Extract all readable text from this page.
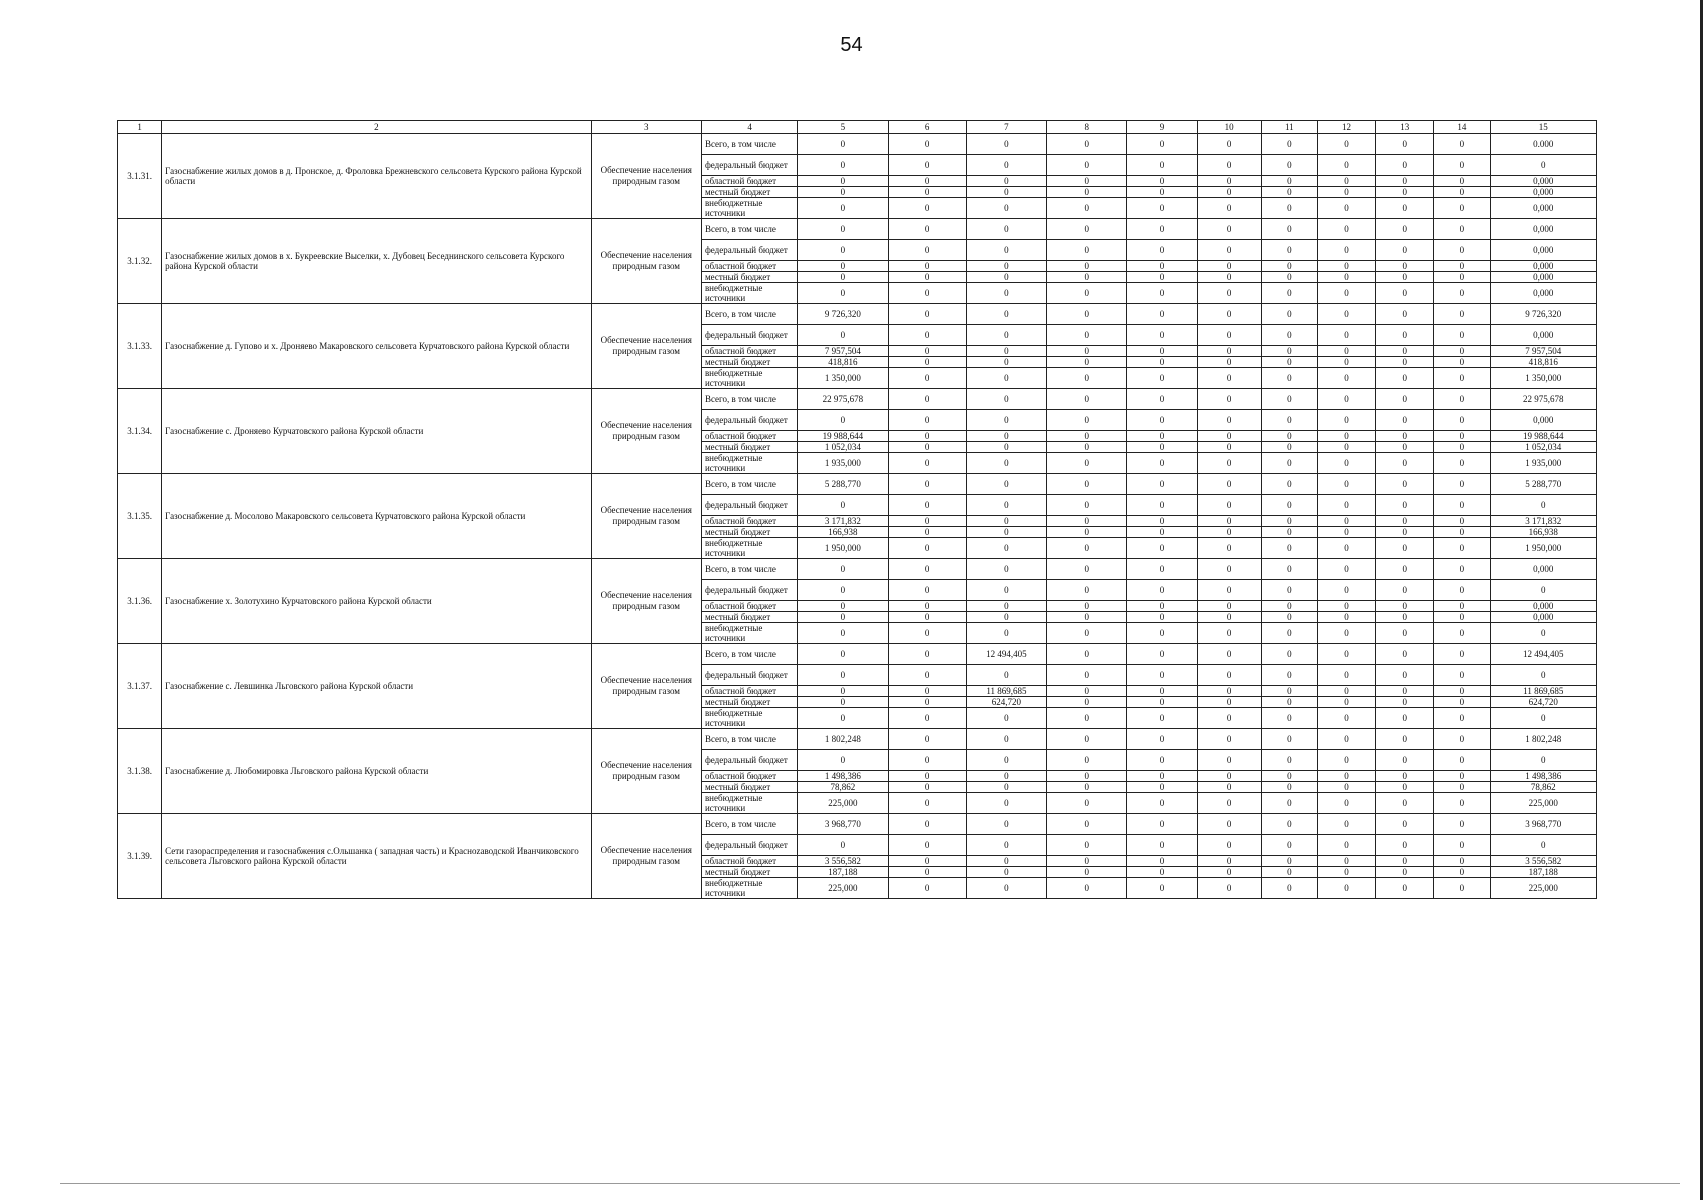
54
1	2	3	4	5	6	7	8	9	10	11	12	13	14	15
3.1.31.	Газоснабжение жилых домов в д. Пронское, д. Фроловка Брежневского сельсовета Курского района Курской области	Обеспечение населения природным газом	Всего, в том числе	0	0	0	0	0	0	0	0	0	0	0.000
			федеральный бюджет	0	0	0	0	0	0	0	0	0	0	0
			областной бюджет	0	0	0	0	0	0	0	0	0	0	0,000
			местный бюджет	0	0	0	0	0	0	0	0	0	0	0,000
			внебюджетные источники	0	0	0	0	0	0	0	0	0	0	0,000
3.1.32.	Газоснабжение жилых домов в х. Букреевские Выселки, х. Дубовец Беседнинского сельсовета Курского района Курской области	Обеспечение населения природным газом	Всего, в том числе	0	0	0	0	0	0	0	0	0	0	0,000
			федеральный бюджет	0	0	0	0	0	0	0	0	0	0	0,000
			областной бюджет	0	0	0	0	0	0	0	0	0	0	0,000
			местный бюджет	0	0	0	0	0	0	0	0	0	0	0,000
			внебюджетные источники	0	0	0	0	0	0	0	0	0	0	0,000
3.1.33.	Газоснабжение д. Гупово и х. Дроняево Макаровского сельсовета Курчатовского района Курской области	Обеспечение населения природным газом	Всего, в том числе	9 726,320	0	0	0	0	0	0	0	0	0	9 726,320
			федеральный бюджет	0	0	0	0	0	0	0	0	0	0	0,000
			областной бюджет	7 957,504	0	0	0	0	0	0	0	0	0	7 957,504
			местный бюджет	418,816	0	0	0	0	0	0	0	0	0	418,816
			внебюджетные источники	1 350,000	0	0	0	0	0	0	0	0	0	1 350,000
3.1.34.	Газоснабжение с. Дроняево Курчатовского района Курской области	Обеспечение населения природным газом	Всего, в том числе	22 975,678	0	0	0	0	0	0	0	0	0	22 975,678
			федеральный бюджет	0	0	0	0	0	0	0	0	0	0	0,000
			областной бюджет	19 988,644	0	0	0	0	0	0	0	0	0	19 988,644
			местный бюджет	1 052,034	0	0	0	0	0	0	0	0	0	1 052,034
			внебюджетные источники	1 935,000	0	0	0	0	0	0	0	0	0	1 935,000
3.1.35.	Газоснабжение д. Мосолово Макаровского сельсовета Курчатовского района Курской области	Обеспечение населения природным газом	Всего, в том числе	5 288,770	0	0	0	0	0	0	0	0	0	5 288,770
			федеральный бюджет	0	0	0	0	0	0	0	0	0	0	0
			областной бюджет	3 171,832	0	0	0	0	0	0	0	0	0	3 171,832
			местный бюджет	166,938	0	0	0	0	0	0	0	0	0	166,938
			внебюджетные источники	1 950,000	0	0	0	0	0	0	0	0	0	1 950,000
3.1.36.	Газоснабжение х. Золотухино Курчатовского района Курской области	Обеспечение населения природным газом	Всего, в том числе	0	0	0	0	0	0	0	0	0	0	0,000
			федеральный бюджет	0	0	0	0	0	0	0	0	0	0	0
			областной бюджет	0	0	0	0	0	0	0	0	0	0	0,000
			местный бюджет	0	0	0	0	0	0	0	0	0	0	0,000
			внебюджетные источники	0	0	0	0	0	0	0	0	0	0	0
3.1.37.	Газоснабжение с. Левшинка Льговского района Курской области	Обеспечение населения природным газом	Всего, в том числе	0	0	12 494,405	0	0	0	0	0	0	0	12 494,405
			федеральный бюджет	0	0	0	0	0	0	0	0	0	0	0
			областной бюджет	0	0	11 869,685	0	0	0	0	0	0	0	11 869,685
			местный бюджет	0	0	624,720	0	0	0	0	0	0	0	624,720
			внебюджетные источники	0	0	0	0	0	0	0	0	0	0	0
3.1.38.	Газоснабжение д. Любомировка Льговского района Курской области	Обеспечение населения природным газом	Всего, в том числе	1 802,248	0	0	0	0	0	0	0	0	0	1 802,248
			федеральный бюджет	0	0	0	0	0	0	0	0	0	0	0
			областной бюджет	1 498,386	0	0	0	0	0	0	0	0	0	1 498,386
			местный бюджет	78,862	0	0	0	0	0	0	0	0	0	78,862
			внебюджетные источники	225,000	0	0	0	0	0	0	0	0	0	225,000
3.1.39.	Сети газораспределения и газоснабжения с.Ольшанка ( западная часть) и Красноzаводской Иванчиковского сельсовета Льговского района Курской области	Обеспечение населения природным газом	Всего, в том числе	3 968,770	0	0	0	0	0	0	0	0	0	3 968,770
			федеральный бюджет	0	0	0	0	0	0	0	0	0	0	0
			областной бюджет	3 556,582	0	0	0	0	0	0	0	0	0	3 556,582
			местный бюджет	187,188	0	0	0	0	0	0	0	0	0	187,188
			внебюджетные источники	225,000	0	0	0	0	0	0	0	0	0	225,000
